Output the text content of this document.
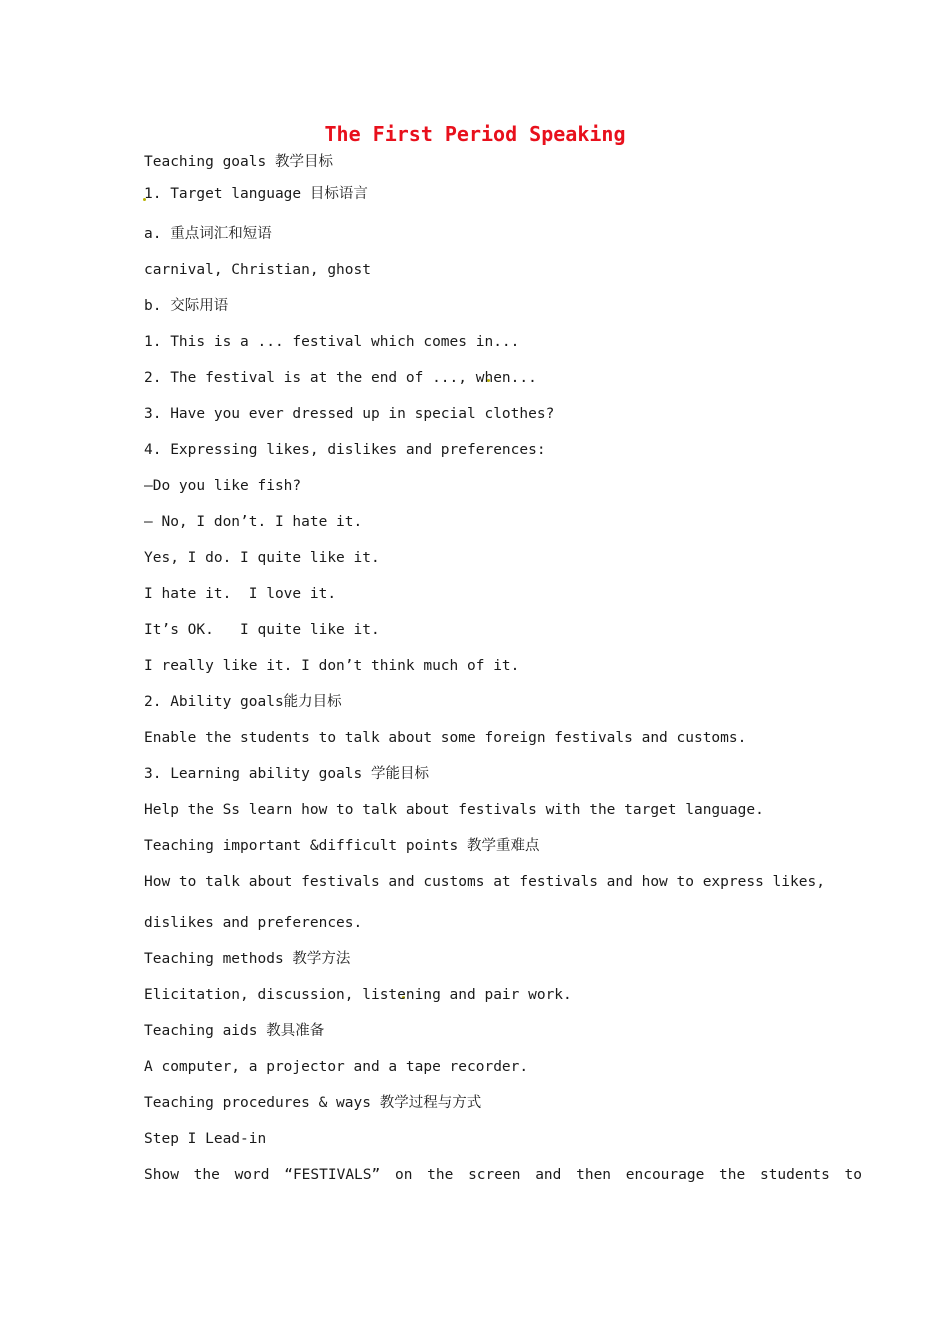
The First Period Speaking

Teaching goals 教学目标

1. Target language 目标语言

a. 重点词汇和短语

carnival, Christian, ghost

b. 交际用语

1. This is a ... festival which comes in...

2. The festival is at the end of ..., when...

3. Have you ever dressed up in special clothes?

4. Expressing likes, dislikes and preferences:

—Do you like fish?

— No, I don’t. I hate it.

Yes, I do. I quite like it.

I hate it.  I love it.

It’s OK.   I quite like it.

I really like it. I don’t think much of it.

2. Ability goals能力目标

Enable the students to talk about some foreign festivals and customs.

3. Learning ability goals 学能目标

Help the Ss learn how to talk about festivals with the target language.

Teaching important &difficult points 教学重难点

How to talk about festivals and customs at festivals and how to express likes,

dislikes and preferences.

Teaching methods 教学方法

Elicitation, discussion, listening and pair work.

Teaching aids 教具准备

A computer, a projector and a tape recorder.

Teaching procedures & ways 教学过程与方式

Step I Lead-in

Show the word “FESTIVALS” on the screen and then encourage the students to
